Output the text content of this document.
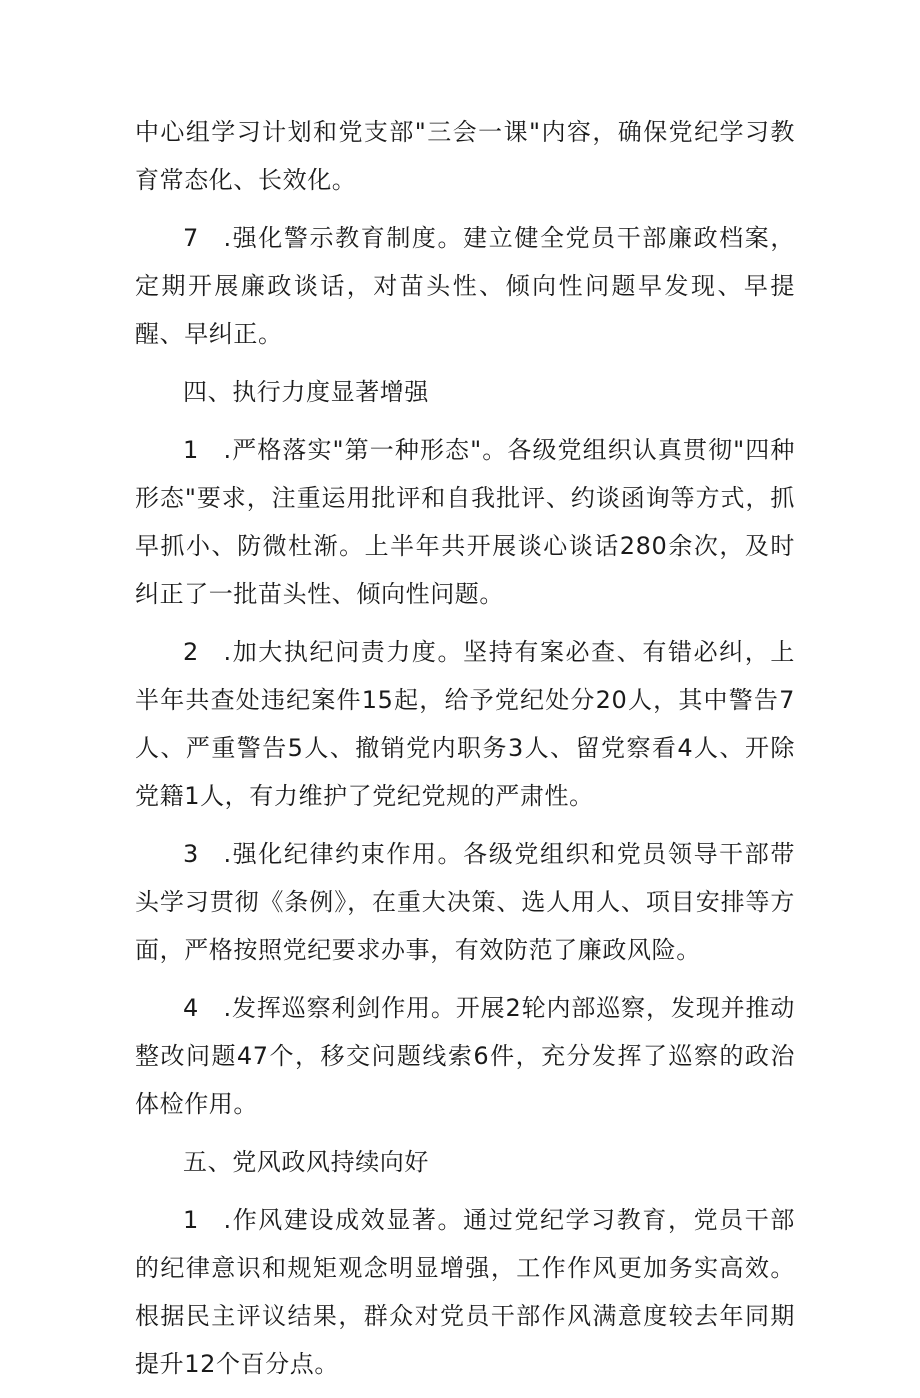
中心组学习计划和党支部"三会一课"内容，确保党纪学习教育常态化、长效化。

7 .强化警示教育制度。建立健全党员干部廉政档案，定期开展廉政谈话，对苗头性、倾向性问题早发现、早提醒、早纠正。

四、执行力度显著增强

1 .严格落实"第一种形态"。各级党组织认真贯彻"四种形态"要求，注重运用批评和自我批评、约谈函询等方式，抓早抓小、防微杜渐。上半年共开展谈心谈话280余次，及时纠正了一批苗头性、倾向性问题。

2 .加大执纪问责力度。坚持有案必查、有错必纠，上半年共查处违纪案件15起，给予党纪处分20人，其中警告7人、严重警告5人、撤销党内职务3人、留党察看4人、开除党籍1人，有力维护了党纪党规的严肃性。

3 .强化纪律约束作用。各级党组织和党员领导干部带头学习贯彻《条例》，在重大决策、选人用人、项目安排等方面，严格按照党纪要求办事，有效防范了廉政风险。

4 .发挥巡察利剑作用。开展2轮内部巡察，发现并推动整改问题47个，移交问题线索6件，充分发挥了巡察的政治体检作用。

五、党风政风持续向好

1 .作风建设成效显著。通过党纪学习教育，党员干部的纪律意识和规矩观念明显增强，工作作风更加务实高效。根据民主评议结果，群众对党员干部作风满意度较去年同期提升12个百分点。
